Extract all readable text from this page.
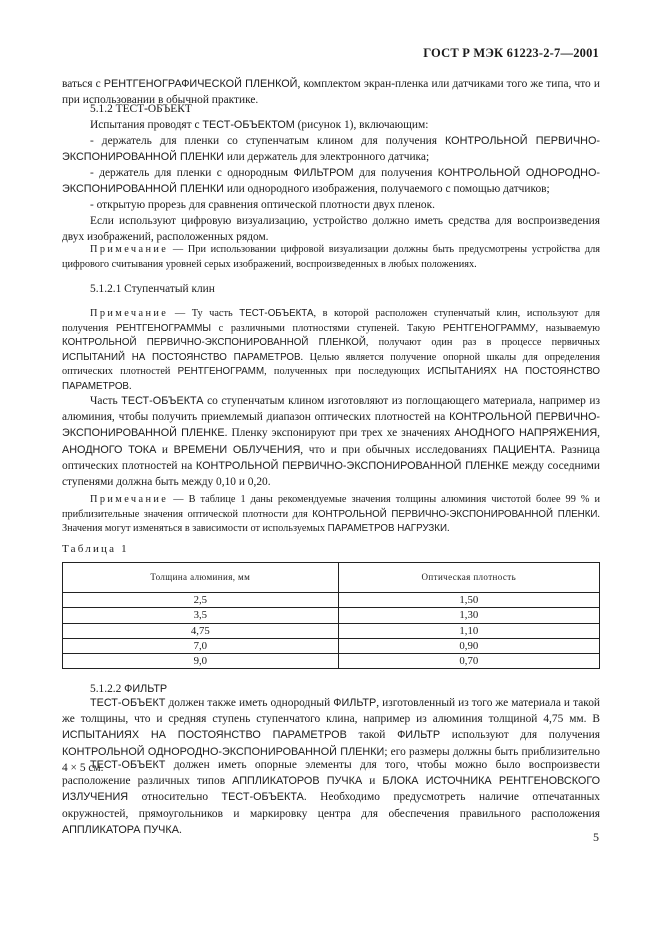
ГОСТ Р МЭК 61223-2-7—2001

ваться с РЕНТГЕНОГРАФИЧЕСКОЙ ПЛЕНКОЙ, комплектом экран-пленка или датчиками того же типа, что и при использовании в обычной практике.

5.1.2 ТЕСТ-ОБЪЕКТ

Испытания проводят с ТЕСТ-ОБЪЕКТОМ (рисунок 1), включающим:

- держатель для пленки со ступенчатым клином для получения КОНТРОЛЬНОЙ ПЕРВИЧНО-ЭКСПОНИРОВАННОЙ ПЛЕНКИ или держатель для электронного датчика;

- держатель для пленки с однородным ФИЛЬТРОМ для получения КОНТРОЛЬНОЙ ОДНОРОДНО-ЭКСПОНИРОВАННОЙ ПЛЕНКИ или однородного изображения, получаемого с помощью датчиков;

- открытую прорезь для сравнения оптической плотности двух пленок.

Если используют цифровую визуализацию, устройство должно иметь средства для воспроизведения двух изображений, расположенных рядом.

Примечание — При использовании цифровой визуализации должны быть предусмотрены устройства для цифрового считывания уровней серых изображений, воспроизведенных в любых положениях.

5.1.2.1 Ступенчатый клин

Примечание — Ту часть ТЕСТ-ОБЪЕКТА, в которой расположен ступенчатый клин, используют для получения РЕНТГЕНОГРАММЫ с различными плотностями ступеней. Такую РЕНТГЕНОГРАММУ, называемую КОНТРОЛЬНОЙ ПЕРВИЧНО-ЭКСПОНИРОВАННОЙ ПЛЕНКОЙ, получают один раз в процессе первичных ИСПЫТАНИЙ НА ПОСТОЯНСТВО ПАРАМЕТРОВ. Целью является получение опорной шкалы для определения оптических плотностей РЕНТГЕНОГРАММ, полученных при последующих ИСПЫТАНИЯХ НА ПОСТОЯНСТВО ПАРАМЕТРОВ.

Часть ТЕСТ-ОБЪЕКТА со ступенчатым клином изготовляют из поглощающего материала, например из алюминия, чтобы получить приемлемый диапазон оптических плотностей на КОНТРОЛЬНОЙ ПЕРВИЧНО-ЭКСПОНИРОВАННОЙ ПЛЕНКЕ. Пленку экспонируют при трех хе значениях АНОДНОГО НАПРЯЖЕНИЯ, АНОДНОГО ТОКА и ВРЕМЕНИ ОБЛУЧЕНИЯ, что и при обычных исследованиях ПАЦИЕНТА. Разница оптических плотностей на КОНТРОЛЬНОЙ ПЕРВИЧНО-ЭКСПОНИРОВАННОЙ ПЛЕНКЕ между соседними ступенями должна быть между 0,10 и 0,20.

Примечание — В таблице 1 даны рекомендуемые значения толщины алюминия чистотой более 99 % и приблизительные значения оптической плотности для КОНТРОЛЬНОЙ ПЕРВИЧНО-ЭКСПОНИРОВАННОЙ ПЛЕНКИ. Значения могут изменяться в зависимости от используемых ПАРАМЕТРОВ НАГРУЗКИ.

Таблица 1
Толщина алюминия, мм	Оптическая плотность
2,5	1,50
3,5	1,30
4,75	1,10
7,0	0,90
9,0	0,70

5.1.2.2 ФИЛЬТР

ТЕСТ-ОБЪЕКТ должен также иметь однородный ФИЛЬТР, изготовленный из того же материала и такой же толщины, что и средняя ступень ступенчатого клина, например из алюминия толщиной 4,75 мм. В ИСПЫТАНИЯХ НА ПОСТОЯНСТВО ПАРАМЕТРОВ такой ФИЛЬТР используют для получения КОНТРОЛЬНОЙ ОДНОРОДНО-ЭКСПОНИРОВАННОЙ ПЛЕНКИ; его размеры должны быть приблизительно 4 × 5 см.

ТЕСТ-ОБЪЕКТ должен иметь опорные элементы для того, чтобы можно было воспроизвести расположение различных типов АППЛИКАТОРОВ ПУЧКА и БЛОКА ИСТОЧНИКА РЕНТГЕНОВСКОГО ИЗЛУЧЕНИЯ относительно ТЕСТ-ОБЪЕКТА. Необходимо предусмотреть наличие отпечатанных окружностей, прямоугольников и маркировку центра для обеспечения правильного расположения АППЛИКАТОРА ПУЧКА.

5
